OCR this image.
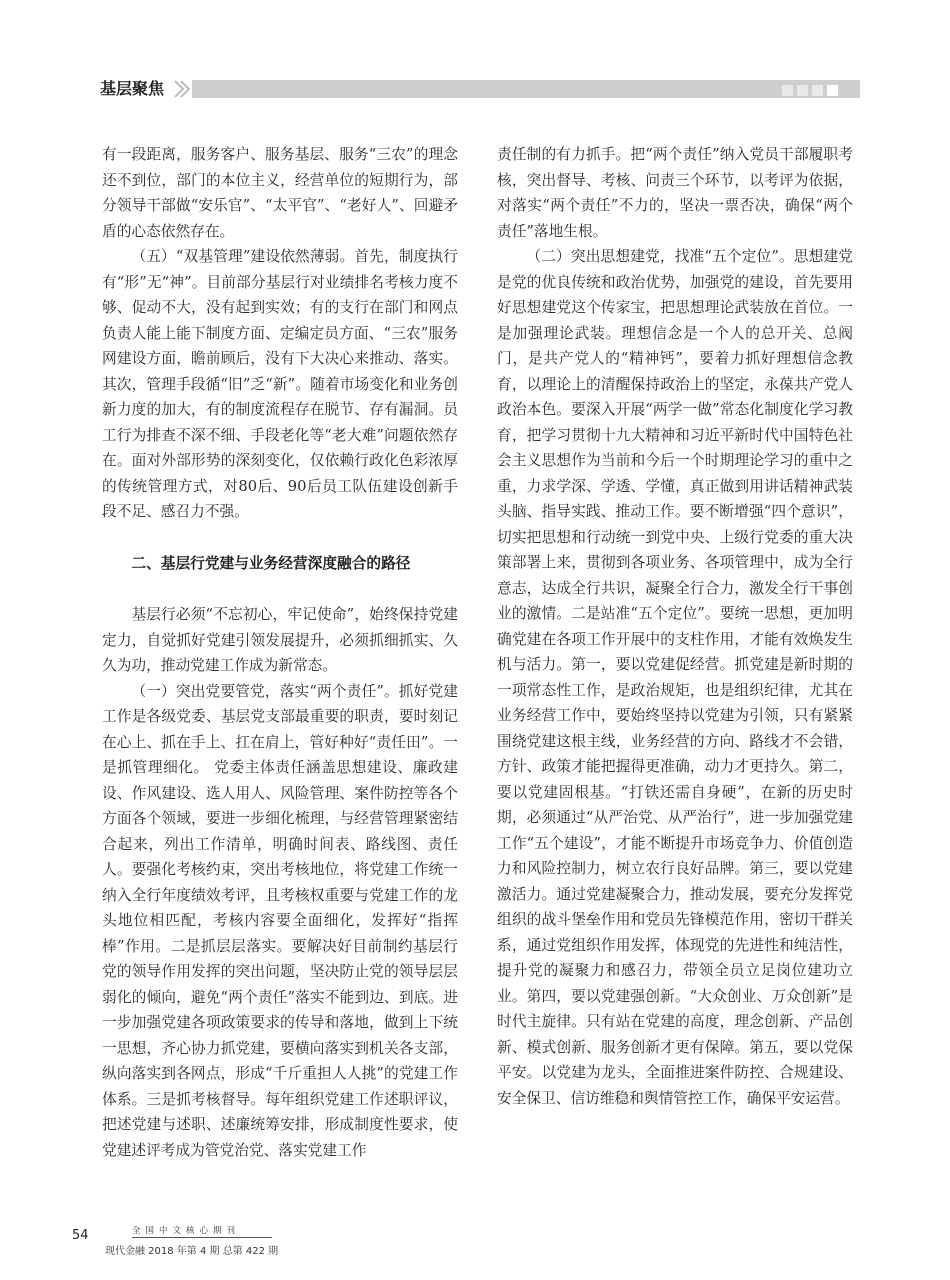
基层聚焦

有一段距离，服务客户、服务基层、服务“三农”的理念还不到位，部门的本位主义，经营单位的短期行为，部分领导干部做“安乐官”、“太平官”、“老好人”、回避矛盾的心态依然存在。

（五）“双基管理”建设依然薄弱。首先，制度执行有“形”无“神”。目前部分基层行对业绩排名考核力度不够、促动不大，没有起到实效；有的支行在部门和网点负责人能上能下制度方面、定编定员方面、“三农”服务网建设方面，瞻前顾后，没有下大决心来推动、落实。其次，管理手段循“旧”乏“新”。随着市场变化和业务创新力度的加大，有的制度流程存在脱节、存有漏洞。员工行为排查不深不细、手段老化等“老大难”问题依然存在。面对外部形势的深刻变化，仅依赖行政化色彩浓厚的传统管理方式，对80后、90后员工队伍建设创新手段不足、感召力不强。

二、基层行党建与业务经营深度融合的路径

基层行必须“不忘初心，牢记使命”，始终保持党建定力，自觉抓好党建引领发展提升，必须抓细抓实、久久为功，推动党建工作成为新常态。

（一）突出党要管党，落实“两个责任”。抓好党建工作是各级党委、基层党支部最重要的职责，要时刻记在心上、抓在手上、扛在肩上，管好种好“责任田”。一是抓管理细化。 党委主体责任涵盖思想建设、廉政建设、作风建设、选人用人、风险管理、案件防控等各个方面各个领域，要进一步细化梳理，与经营管理紧密结合起来，列出工作清单，明确时间表、路线图、责任人。要强化考核约束，突出考核地位，将党建工作统一纳入全行年度绩效考评，且考核权重要与党建工作的龙头地位相匹配，考核内容要全面细化，发挥好“指挥棒”作用。二是抓层层落实。要解决好目前制约基层行党的领导作用发挥的突出问题，坚决防止党的领导层层弱化的倾向，避免“两个责任”落实不能到边、到底。进一步加强党建各项政策要求的传导和落地，做到上下统一思想，齐心协力抓党建，要横向落实到机关各支部，纵向落实到各网点，形成“千斤重担人人挑”的党建工作体系。三是抓考核督导。每年组织党建工作述职评议，把述党建与述职、述廉统筹安排，形成制度性要求，使党建述评考成为管党治党、落实党建工作

责任制的有力抓手。把“两个责任”纳入党员干部履职考核，突出督导、考核、问责三个环节，以考评为依据，对落实“两个责任”不力的，坚决一票否决，确保“两个责任”落地生根。

（二）突出思想建党，找准“五个定位”。思想建党是党的优良传统和政治优势，加强党的建设，首先要用好思想建党这个传家宝，把思想理论武装放在首位。一是加强理论武装。理想信念是一个人的总开关、总阀门，是共产党人的“精神钙”，要着力抓好理想信念教育，以理论上的清醒保持政治上的坚定，永葆共产党人政治本色。要深入开展“两学一做”常态化制度化学习教育，把学习贯彻十九大精神和习近平新时代中国特色社会主义思想作为当前和今后一个时期理论学习的重中之重，力求学深、学透、学懂，真正做到用讲话精神武装头脑、指导实践、推动工作。要不断增强“四个意识”，切实把思想和行动统一到党中央、上级行党委的重大决策部署上来，贯彻到各项业务、各项管理中，成为全行意志，达成全行共识，凝聚全行合力，激发全行干事创业的激情。二是站准“五个定位”。要统一思想，更加明确党建在各项工作开展中的支柱作用，才能有效焕发生机与活力。第一，要以党建促经营。抓党建是新时期的一项常态性工作，是政治规矩，也是组织纪律，尤其在业务经营工作中，要始终坚持以党建为引领，只有紧紧围绕党建这根主线，业务经营的方向、路线才不会错，方针、政策才能把握得更准确，动力才更持久。第二，要以党建固根基。“打铁还需自身硬”，在新的历史时期，必须通过“从严治党、从严治行”，进一步加强党建工作“五个建设”，才能不断提升市场竞争力、价值创造力和风险控制力，树立农行良好品牌。第三，要以党建激活力。通过党建凝聚合力，推动发展，要充分发挥党组织的战斗堡垒作用和党员先锋模范作用，密切干群关系，通过党组织作用发挥，体现党的先进性和纯洁性，提升党的凝聚力和感召力，带领全员立足岗位建功立业。第四，要以党建强创新。“大众创业、万众创新”是时代主旋律。只有站在党建的高度，理念创新、产品创新、模式创新、服务创新才更有保障。第五，要以党保平安。以党建为龙头，全面推进案件防控、合规建设、安全保卫、信访维稳和舆情管控工作，确保平安运营。

54	全国中文核心期刊
现代金融 2018 年第 4 期 总第 422 期
